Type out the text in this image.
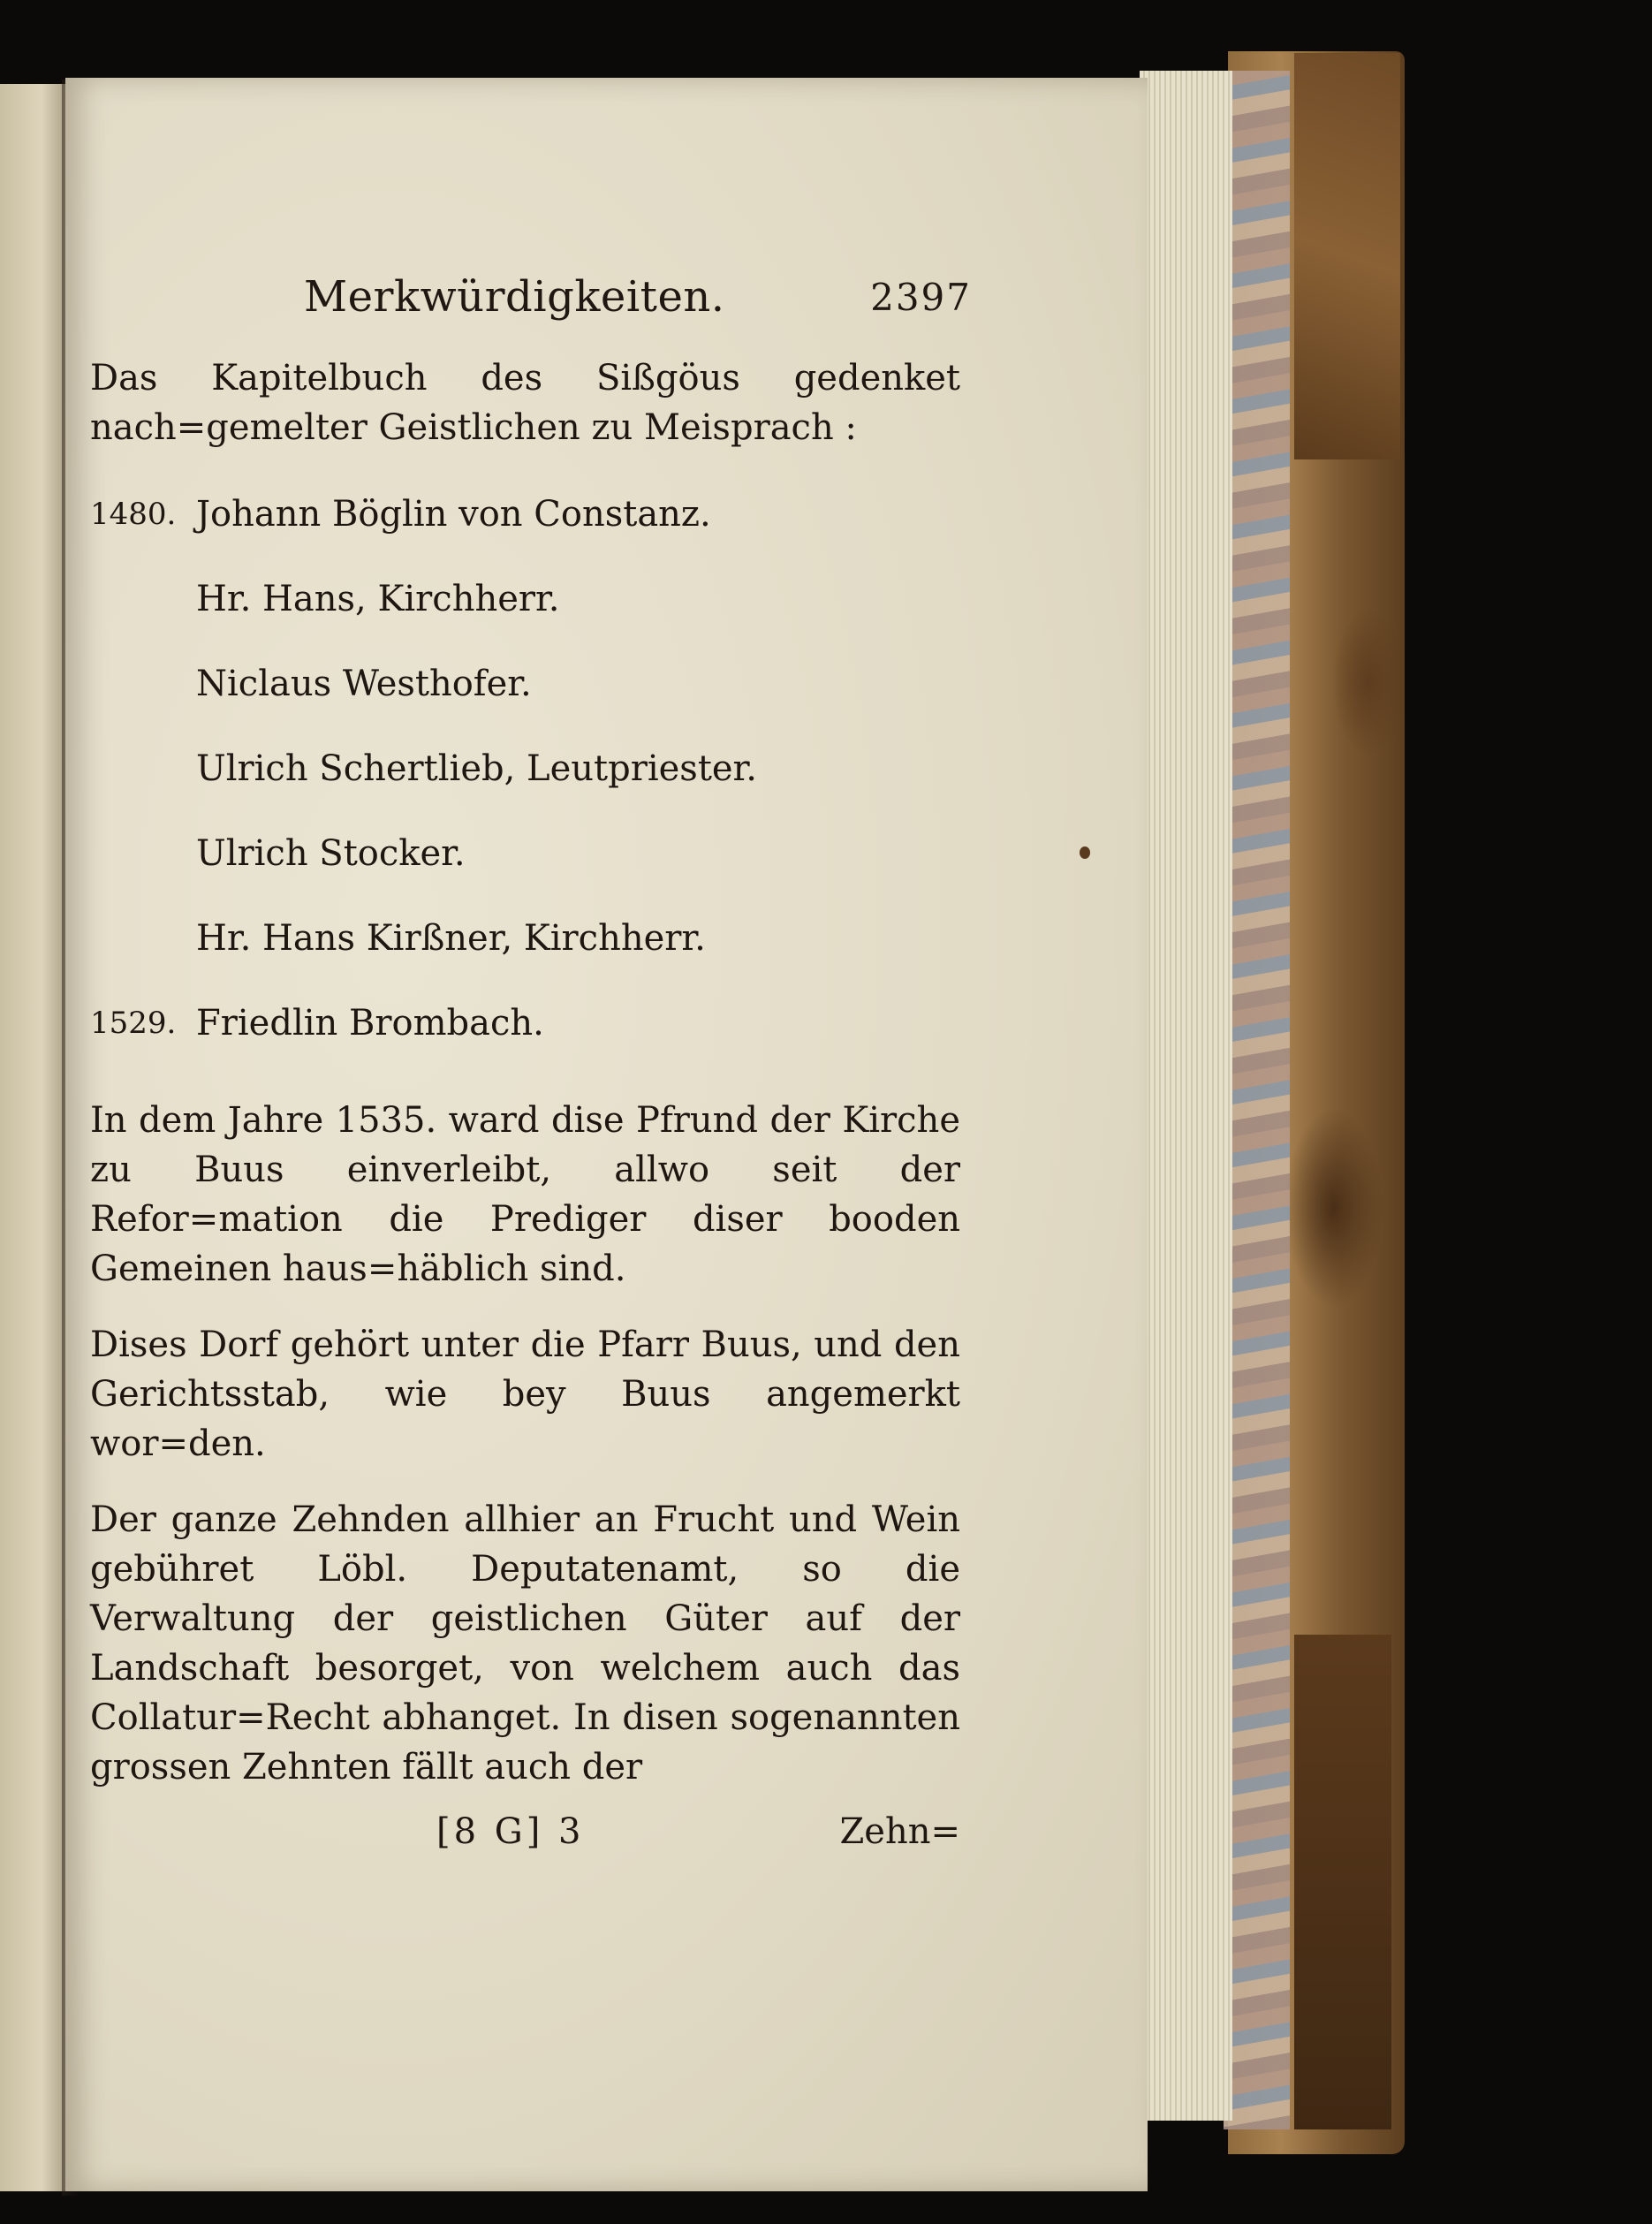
Merkwürdigkeiten.	2397

Das Kapitelbuch des Sißgöus gedenket nach=gemelter Geistlichen zu Meisprach :

1480. Johann Böglin von Constanz.
Hr. Hans, Kirchherr.
Niclaus Westhofer.
Ulrich Schertlieb, Leutpriester.
Ulrich Stocker.
Hr. Hans Kirßner, Kirchherr.
1529. Friedlin Brombach.

In dem Jahre 1535. ward dise Pfrund der Kirche zu Buus einverleibt, allwo seit der Refor=mation die Prediger diser booden Gemeinen haus=häblich sind.

Dises Dorf gehört unter die Pfarr Buus, und den Gerichtsstab, wie bey Buus angemerkt wor=den.

Der ganze Zehnden allhier an Frucht und Wein gebühret Löbl. Deputatenamt, so die Verwaltung der geistlichen Güter auf der Landschaft besorget, von welchem auch das Collatur=Recht abhanget. In disen sogenannten grossen Zehnten fällt auch der

[8 G] 3	Zehn=
